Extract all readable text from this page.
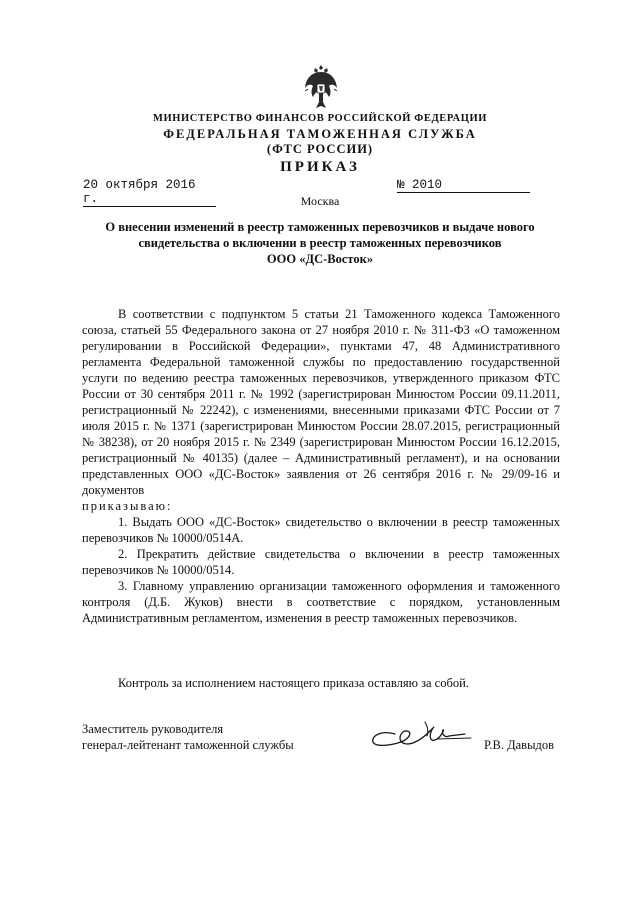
МИНИСТЕРСТВО ФИНАНСОВ РОССИЙСКОЙ ФЕДЕРАЦИИ
ФЕДЕРАЛЬНАЯ ТАМОЖЕННАЯ СЛУЖБА
(ФТС РОССИИ)
ПРИКАЗ
20 октября 2016 г.
№ 2010
Москва
О внесении изменений в реестр таможенных перевозчиков и выдаче нового
свидетельства о включении в реестр таможенных перевозчиков
ООО «ДС-Восток»

В соответствии с подпунктом 5 статьи 21 Таможенного кодекса Таможенного союза, статьей 55 Федерального закона от 27 ноября 2010 г. № 311-ФЗ «О таможенном регулировании в Российской Федерации», пунктами 47, 48 Административного регламента Федеральной таможенной службы по предоставлению государственной услуги по ведению реестра таможенных перевозчиков, утвержденного приказом ФТС России от 30 сентября 2011 г. № 1992 (зарегистрирован Минюстом России 09.11.2011, регистрационный № 22242), с изменениями, внесенными приказами ФТС России от 7 июля 2015 г. № 1371 (зарегистрирован Минюстом России 28.07.2015, регистрационный № 38238), от 20 ноября 2015 г. № 2349 (зарегистрирован Минюстом России 16.12.2015, регистрационный № 40135) (далее – Административный регламент), и на основании представленных ООО «ДС-Восток» заявления от 26 сентября 2016 г. № 29/09-16 и документов

приказываю:

1. Выдать ООО «ДС-Восток» свидетельство о включении в реестр таможенных перевозчиков № 10000/0514А.

2. Прекратить действие свидетельства о включении в реестр таможенных перевозчиков № 10000/0514.

3. Главному управлению организации таможенного оформления и таможенного контроля (Д.Б. Жуков) внести в соответствие с порядком, установленным Административным регламентом, изменения в реестр таможенных перевозчиков.

Контроль за исполнением настоящего приказа оставляю за собой.
Заместитель руководителя
генерал-лейтенант таможенной службы	Р.В. Давыдов
